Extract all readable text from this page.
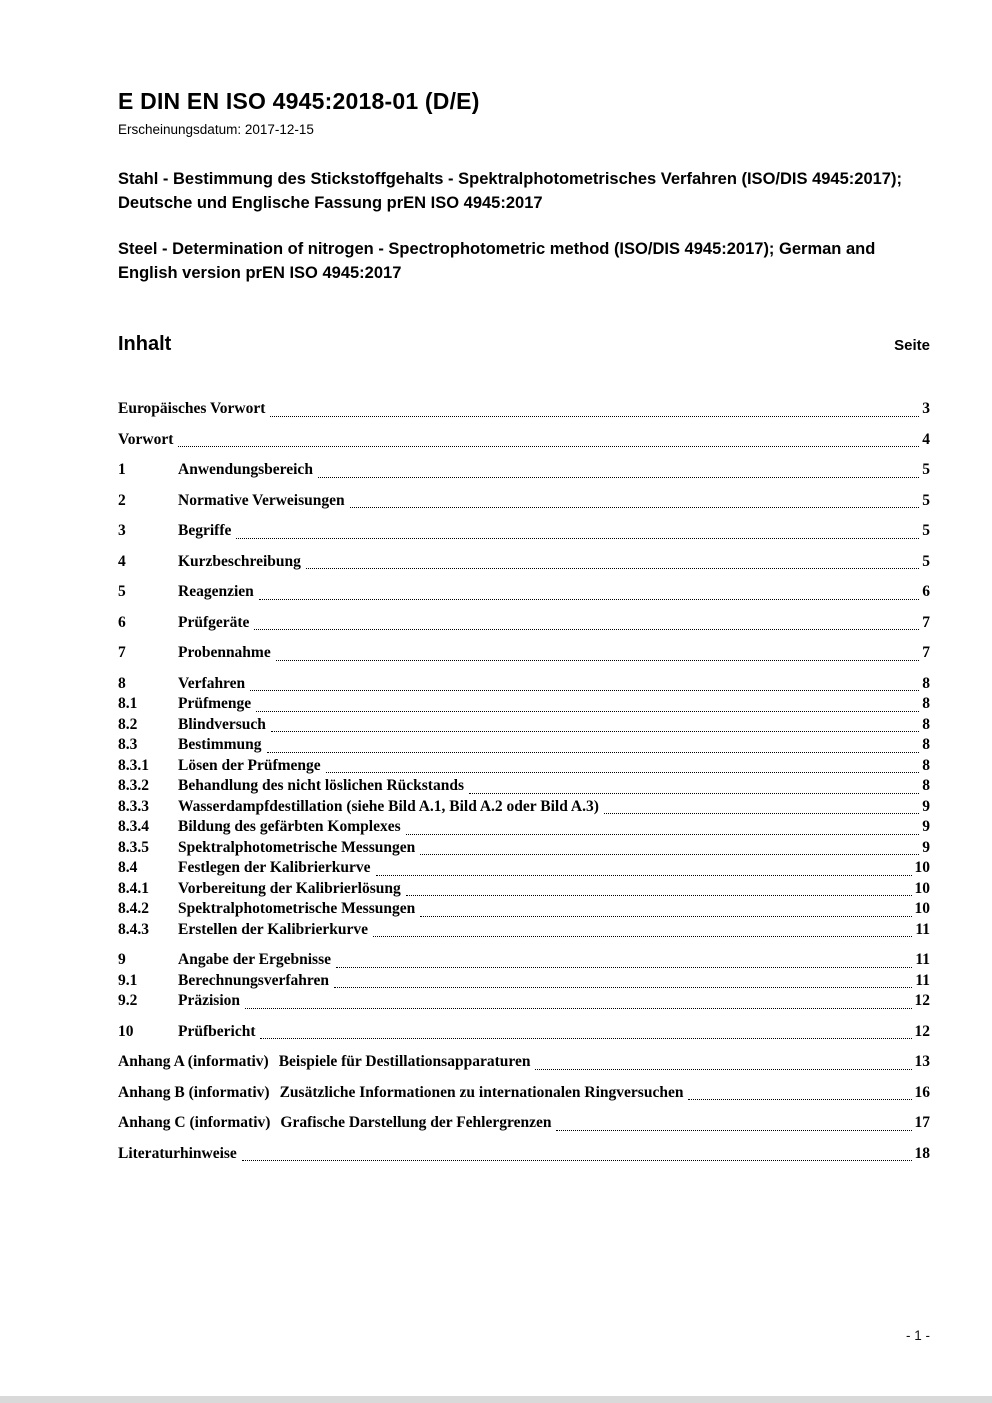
E DIN EN ISO 4945:2018-01 (D/E)
Erscheinungsdatum: 2017-12-15
Stahl - Bestimmung des Stickstoffgehalts - Spektralphotometrisches Verfahren (ISO/DIS 4945:2017); Deutsche und Englische Fassung prEN ISO 4945:2017
Steel - Determination of nitrogen - Spectrophotometric method (ISO/DIS 4945:2017); German and English version prEN ISO 4945:2017
Inhalt	Seite
Europäisches Vorwort	3
Vorwort	4
1	Anwendungsbereich	5
2	Normative Verweisungen	5
3	Begriffe	5
4	Kurzbeschreibung	5
5	Reagenzien	6
6	Prüfgeräte	7
7	Probennahme	7
8	Verfahren	8
8.1	Prüfmenge	8
8.2	Blindversuch	8
8.3	Bestimmung	8
8.3.1	Lösen der Prüfmenge	8
8.3.2	Behandlung des nicht löslichen Rückstands	8
8.3.3	Wasserdampfdestillation (siehe Bild A.1, Bild A.2 oder Bild A.3)	9
8.3.4	Bildung des gefärbten Komplexes	9
8.3.5	Spektralphotometrische Messungen	9
8.4	Festlegen der Kalibrierkurve	10
8.4.1	Vorbereitung der Kalibrierlösung	10
8.4.2	Spektralphotometrische Messungen	10
8.4.3	Erstellen der Kalibrierkurve	11
9	Angabe der Ergebnisse	11
9.1	Berechnungsverfahren	11
9.2	Präzision	12
10	Prüfbericht	12
Anhang A (informativ) Beispiele für Destillationsapparaturen	13
Anhang B (informativ) Zusätzliche Informationen zu internationalen Ringversuchen	16
Anhang C (informativ) Grafische Darstellung der Fehlergrenzen	17
Literaturhinweise	18
- 1 -
